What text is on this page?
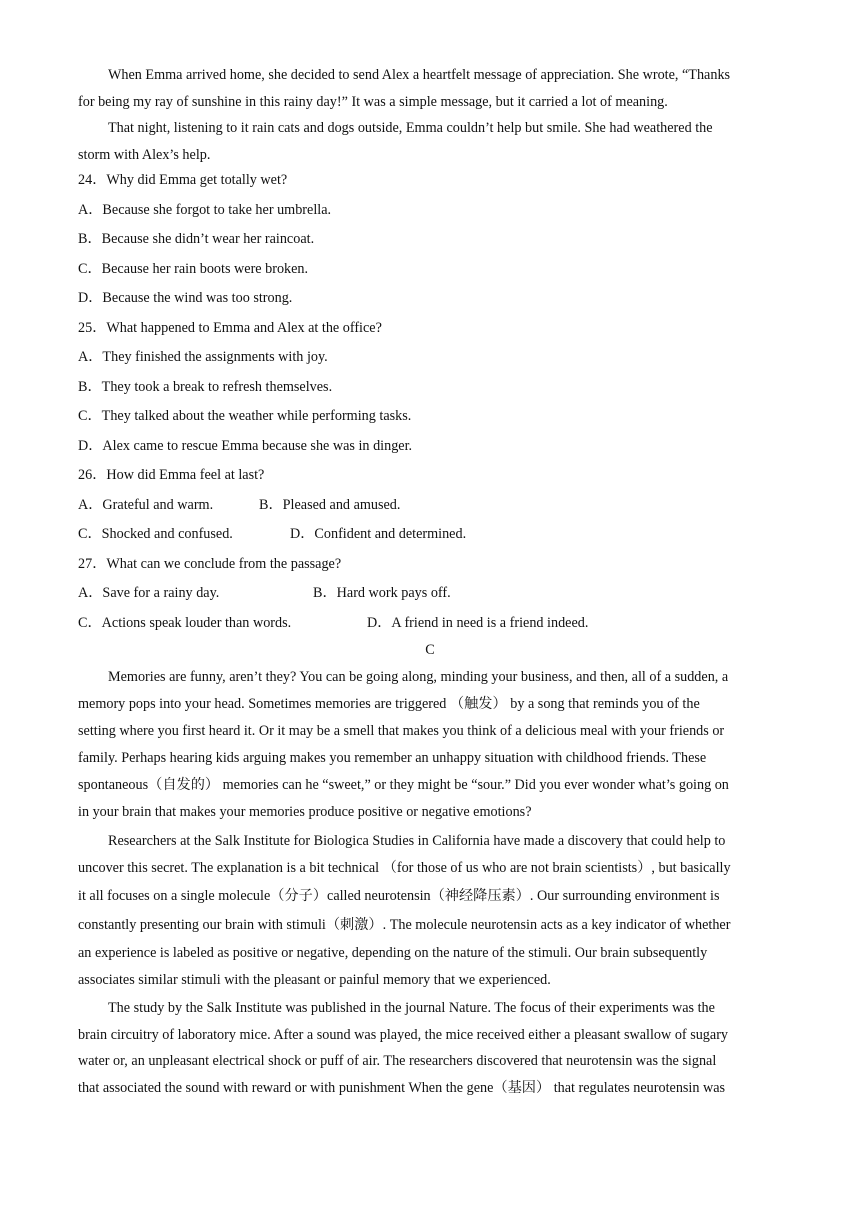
When Emma arrived home, she decided to send Alex a heartfelt message of appreciation. She wrote, “Thanks
for being my ray of sunshine in this rainy day!” It was a simple message, but it carried a lot of meaning.
That night, listening to it rain cats and dogs outside, Emma couldn’t help but smile. She had weathered the
storm with Alex’s help.
24．Why did Emma get totally wet?
A．Because she forgot to take her umbrella.
B．Because she didn’t wear her raincoat.
C．Because her rain boots were broken.
D．Because the wind was too strong.
25．What happened to Emma and Alex at the office?
A．They finished the assignments with joy.
B．They took a break to refresh themselves.
C．They talked about the weather while performing tasks.
D．Alex came to rescue Emma because she was in dinger.
26．How did Emma feel at last?
A．Grateful and warm.	B．Pleased and amused.
C．Shocked and confused.	D．Confident and determined.
27．What can we conclude from the passage?
A．Save for a rainy day.	B．Hard work pays off.
C．Actions speak louder than words.	D．A friend in need is a friend indeed.
C
Memories are funny, aren’t they? You can be going along, minding your business, and then, all of a sudden, a
memory pops into your head. Sometimes memories are triggered （触发） by a song that reminds you of the
setting where you first heard it. Or it may be a smell that makes you think of a delicious meal with your friends or
family. Perhaps hearing kids arguing makes you remember an unhappy situation with childhood friends. These
spontaneous（自发的） memories can he “sweet,” or they might be “sour.” Did you ever wonder what’s going on
in your brain that makes your memories produce positive or negative emotions?
Researchers at the Salk Institute for Biologica Studies in California have made a discovery that could help to
uncover this secret. The explanation is a bit technical （for those of us who are not brain scientists）, but basically
it all focuses on a single molecule（分子）called neurotensin（神经降压素）. Our surrounding environment is
constantly presenting our brain with stimuli（刺激）. The molecule neurotensin acts as a key indicator of whether
an experience is labeled as positive or negative, depending on the nature of the stimuli. Our brain subsequently
associates similar stimuli with the pleasant or painful memory that we experienced.
The study by the Salk Institute was published in the journal Nature. The focus of their experiments was the
brain circuitry of laboratory mice. After a sound was played, the mice received either a pleasant swallow of sugary
water or, an unpleasant electrical shock or puff of air. The researchers discovered that neurotensin was the signal
that associated the sound with reward or with punishment When the gene（基因） that regulates neurotensin was
